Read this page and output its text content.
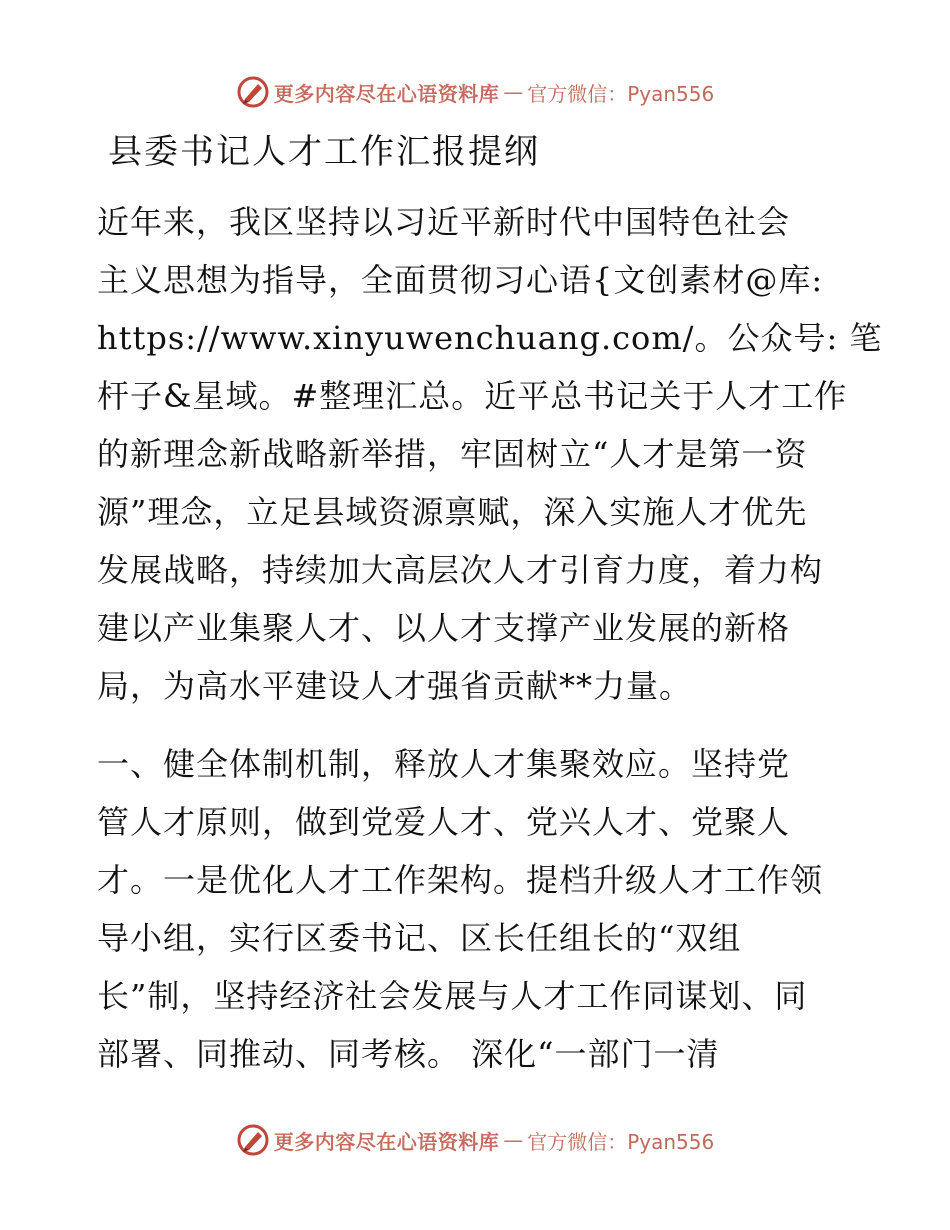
更多内容尽在心语资料库 — 官方微信：Pyan556
县委书记人才工作汇报提纲
近年来，我区坚持以习近平新时代中国特色社会
主义思想为指导，全面贯彻习心语{文创素材@库:
https://www.xinyuwenchuang.com/。公众号: 笔
杆子&星域。#整理汇总。近平总书记关于人才工作
的新理念新战略新举措，牢固树立“人才是第一资
源”理念，立足县域资源禀赋，深入实施人才优先
发展战略，持续加大高层次人才引育力度，着力构
建以产业集聚人才、以人才支撑产业发展的新格
局，为高水平建设人才强省贡献**力量。
一、健全体制机制，释放人才集聚效应。坚持党
管人才原则，做到党爱人才、党兴人才、党聚人
才。一是优化人才工作架构。提档升级人才工作领
导小组，实行区委书记、区长任组长的“双组
长”制，坚持经济社会发展与人才工作同谋划、同
部署、同推动、同考核。 深化“一部门一清
更多内容尽在心语资料库 — 官方微信：Pyan556
